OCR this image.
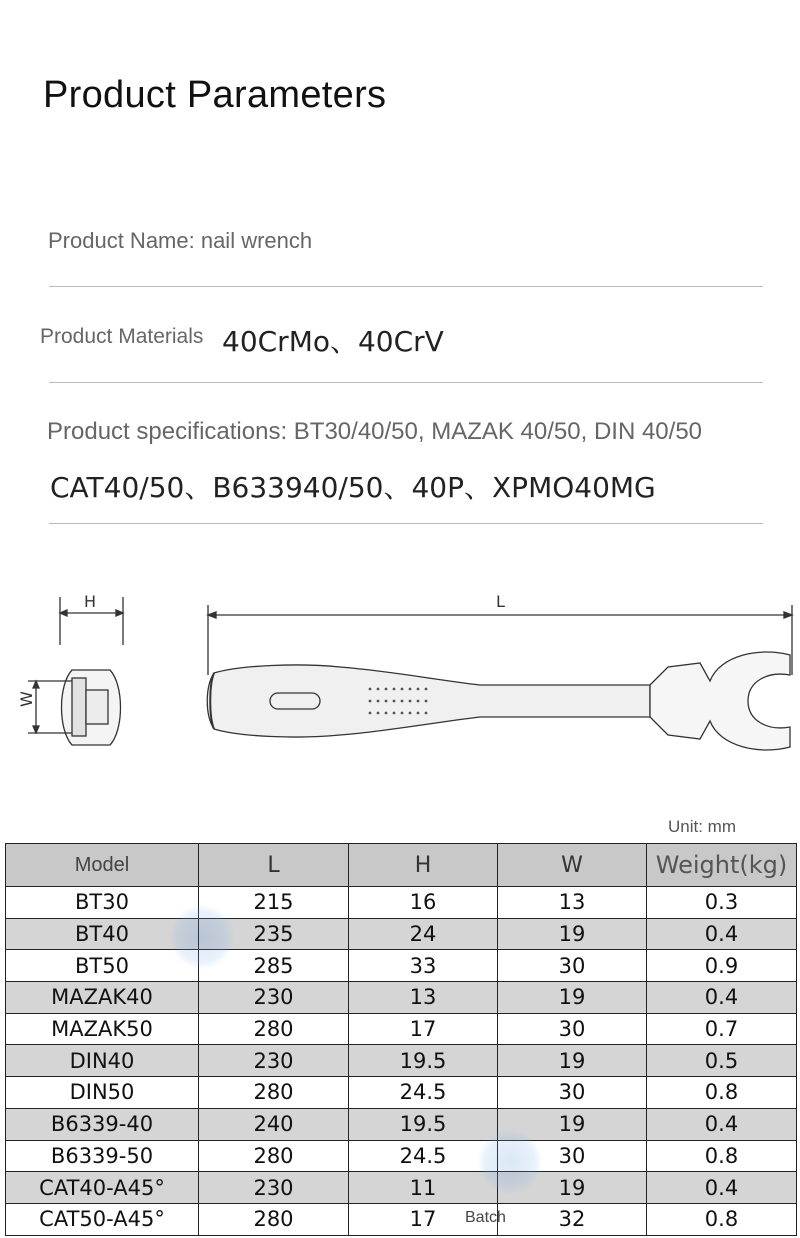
Product Parameters
Product Name: nail wrench
Product Materials 40CrMo、40CrV
Product specifications: BT30/40/50, MAZAK 40/50, DIN 40/50
CAT40/50、B633940/50、40P、XPMO40MG
H	L
W
Unit: mm
Model	L	H	W	Weight(kg)
BT30	215	16	13	0.3
BT40	235	24	19	0.4
BT50	285	33	30	0.9
MAZAK40	230	13	19	0.4
MAZAK50	280	17	30	0.7
DIN40	230	19.5	19	0.5
DIN50	280	24.5	30	0.8
B6339-40	240	19.5	19	0.4
B6339-50	280	24.5	30	0.8
CAT40-A45°	230	11	19	0.4
CAT50-A45°	280	17	32	0.8
Batch
